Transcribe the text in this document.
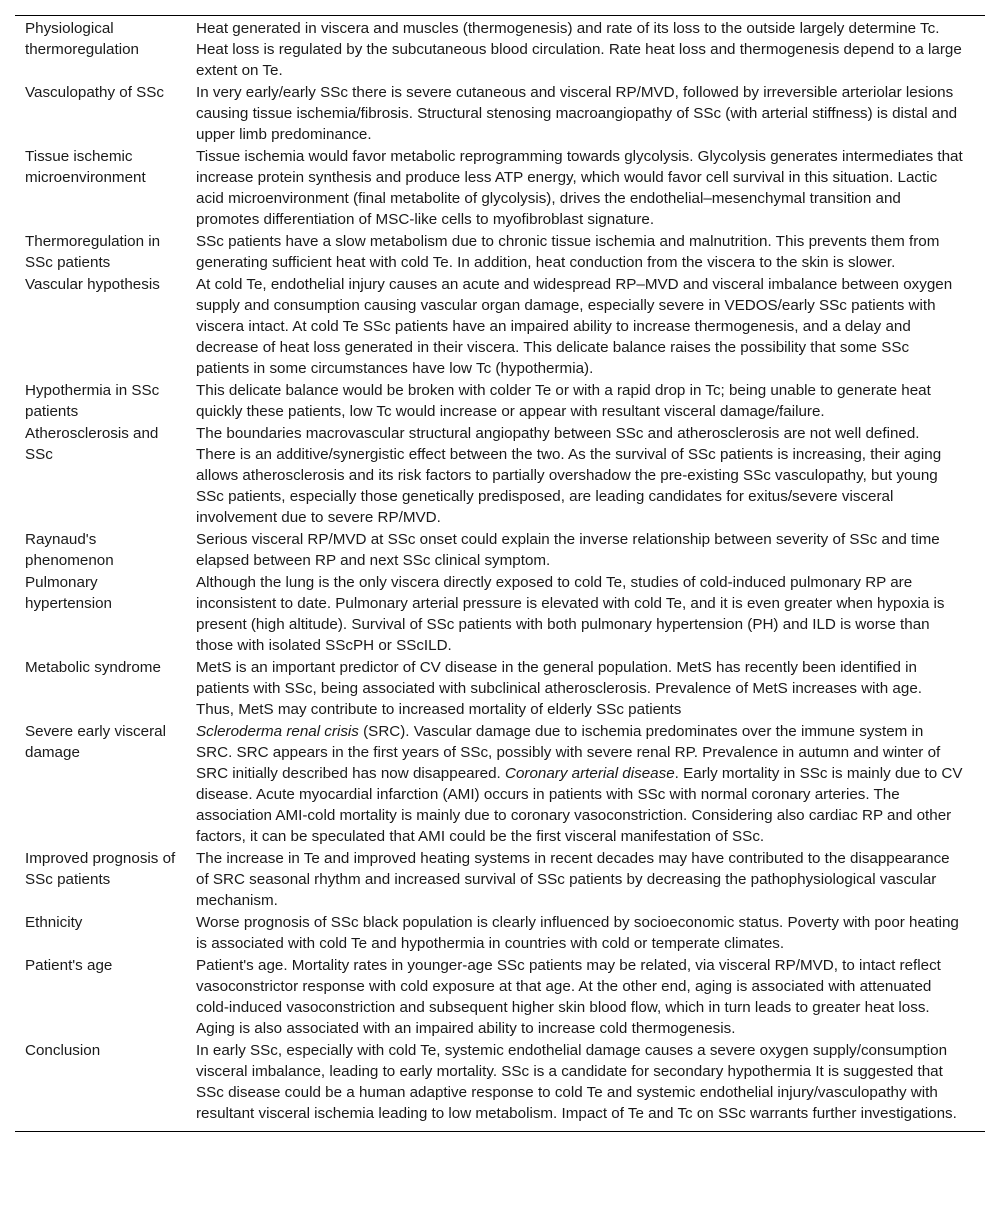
Physiological thermoregulation	Heat generated in viscera and muscles (thermogenesis) and rate of its loss to the outside largely determine Tc. Heat loss is regulated by the subcutaneous blood circulation. Rate heat loss and thermogenesis depend to a large extent on Te.
Vasculopathy of SSc	In very early/early SSc there is severe cutaneous and visceral RP/MVD, followed by irreversible arteriolar lesions causing tissue ischemia/fibrosis. Structural stenosing macroangiopathy of SSc (with arterial stiffness) is distal and upper limb predominance.
Tissue ischemic microenvironment	Tissue ischemia would favor metabolic reprogramming towards glycolysis. Glycolysis generates intermediates that increase protein synthesis and produce less ATP energy, which would favor cell survival in this situation. Lactic acid microenvironment (final metabolite of glycolysis), drives the endothelial–mesenchymal transition and promotes differentiation of MSC-like cells to myofibroblast signature.
Thermoregulation in SSc patients	SSc patients have a slow metabolism due to chronic tissue ischemia and malnutrition. This prevents them from generating sufficient heat with cold Te. In addition, heat conduction from the viscera to the skin is slower.
Vascular hypothesis	At cold Te, endothelial injury causes an acute and widespread RP–MVD and visceral imbalance between oxygen supply and consumption causing vascular organ damage, especially severe in VEDOS/early SSc patients with viscera intact. At cold Te SSc patients have an impaired ability to increase thermogenesis, and a delay and decrease of heat loss generated in their viscera. This delicate balance raises the possibility that some SSc patients in some circumstances have low Tc (hypothermia).
Hypothermia in SSc patients	This delicate balance would be broken with colder Te or with a rapid drop in Tc; being unable to generate heat quickly these patients, low Tc would increase or appear with resultant visceral damage/failure.
Atherosclerosis and SSc	The boundaries macrovascular structural angiopathy between SSc and atherosclerosis are not well defined. There is an additive/synergistic effect between the two. As the survival of SSc patients is increasing, their aging allows atherosclerosis and its risk factors to partially overshadow the pre-existing SSc vasculopathy, but young SSc patients, especially those genetically predisposed, are leading candidates for exitus/severe visceral involvement due to severe RP/MVD.
Raynaud's phenomenon	Serious visceral RP/MVD at SSc onset could explain the inverse relationship between severity of SSc and time elapsed between RP and next SSc clinical symptom.
Pulmonary hypertension	Although the lung is the only viscera directly exposed to cold Te, studies of cold-induced pulmonary RP are inconsistent to date. Pulmonary arterial pressure is elevated with cold Te, and it is even greater when hypoxia is present (high altitude). Survival of SSc patients with both pulmonary hypertension (PH) and ILD is worse than those with isolated SScPH or SScILD.
Metabolic syndrome	MetS is an important predictor of CV disease in the general population. MetS has recently been identified in patients with SSc, being associated with subclinical atherosclerosis. Prevalence of MetS increases with age. Thus, MetS may contribute to increased mortality of elderly SSc patients
Severe early visceral damage	Scleroderma renal crisis (SRC). Vascular damage due to ischemia predominates over the immune system in SRC. SRC appears in the first years of SSc, possibly with severe renal RP. Prevalence in autumn and winter of SRC initially described has now disappeared. Coronary arterial disease. Early mortality in SSc is mainly due to CV disease. Acute myocardial infarction (AMI) occurs in patients with SSc with normal coronary arteries. The association AMI-cold mortality is mainly due to coronary vasoconstriction. Considering also cardiac RP and other factors, it can be speculated that AMI could be the first visceral manifestation of SSc.
Improved prognosis of SSc patients	The increase in Te and improved heating systems in recent decades may have contributed to the disappearance of SRC seasonal rhythm and increased survival of SSc patients by decreasing the pathophysiological vascular mechanism.
Ethnicity	Worse prognosis of SSc black population is clearly influenced by socioeconomic status. Poverty with poor heating is associated with cold Te and hypothermia in countries with cold or temperate climates.
Patient's age	Patient's age. Mortality rates in younger-age SSc patients may be related, via visceral RP/MVD, to intact reflect vasoconstrictor response with cold exposure at that age. At the other end, aging is associated with attenuated cold-induced vasoconstriction and subsequent higher skin blood flow, which in turn leads to greater heat loss. Aging is also associated with an impaired ability to increase cold thermogenesis.
Conclusion	In early SSc, especially with cold Te, systemic endothelial damage causes a severe oxygen supply/consumption visceral imbalance, leading to early mortality. SSc is a candidate for secondary hypothermia It is suggested that SSc disease could be a human adaptive response to cold Te and systemic endothelial injury/vasculopathy with resultant visceral ischemia leading to low metabolism. Impact of Te and Tc on SSc warrants further investigations.
